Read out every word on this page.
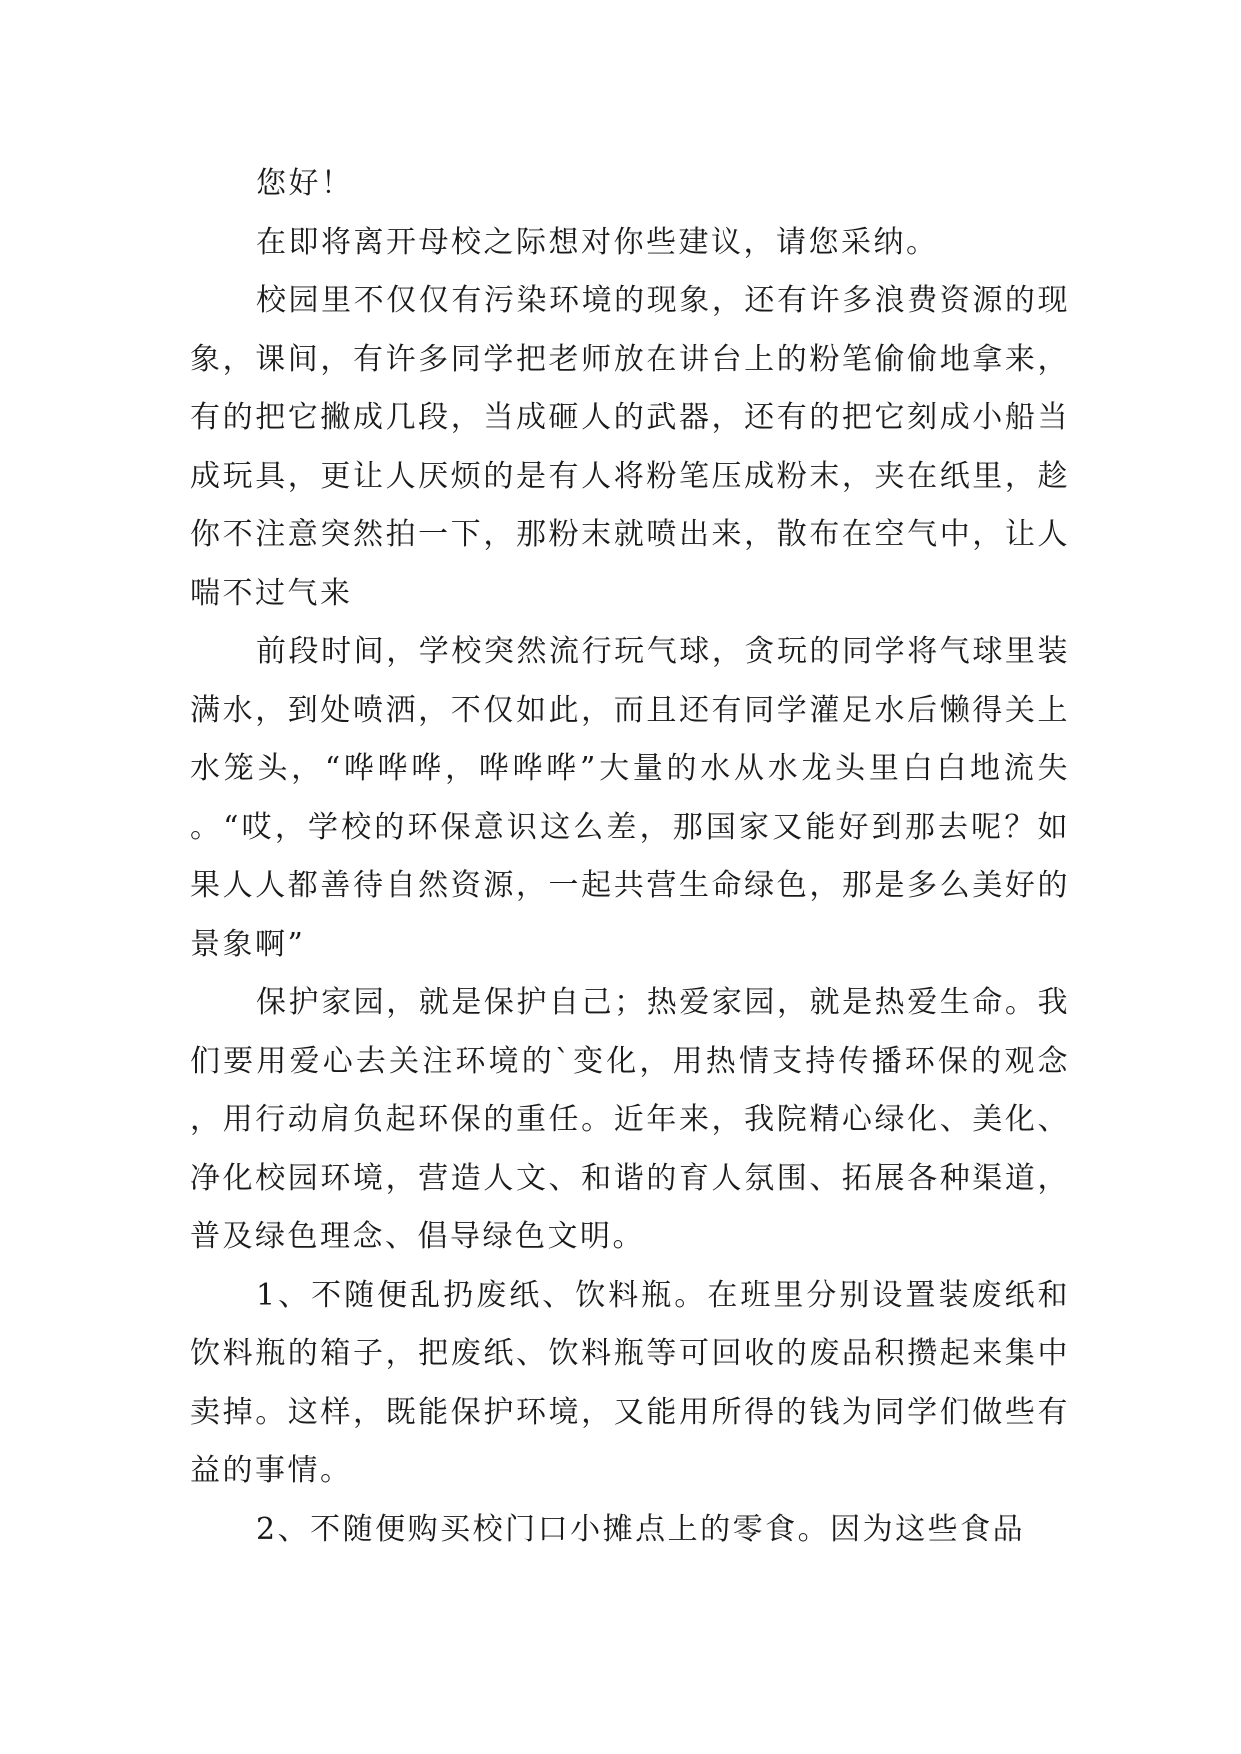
您好！

在即将离开母校之际想对你些建议，请您采纳。

校园里不仅仅有污染环境的现象，还有许多浪费资源的现象，课间，有许多同学把老师放在讲台上的粉笔偷偷地拿来，有的把它撇成几段，当成砸人的武器，还有的把它刻成小船当成玩具，更让人厌烦的是有人将粉笔压成粉末，夹在纸里，趁你不注意突然拍一下，那粉末就喷出来，散布在空气中，让人喘不过气来

前段时间，学校突然流行玩气球，贪玩的同学将气球里装满水，到处喷洒，不仅如此，而且还有同学灌足水后懒得关上水笼头，“哗哗哗，哗哗哗”大量的水从水龙头里白白地流失。“哎，学校的环保意识这么差，那国家又能好到那去呢？如果人人都善待自然资源，一起共营生命绿色，那是多么美好的景象啊”

保护家园，就是保护自己；热爱家园，就是热爱生命。我们要用爱心去关注环境的`变化，用热情支持传播环保的观念，用行动肩负起环保的重任。近年来，我院精心绿化、美化、净化校园环境，营造人文、和谐的育人氛围、拓展各种渠道，普及绿色理念、倡导绿色文明。

1、不随便乱扔废纸、饮料瓶。在班里分别设置装废纸和饮料瓶的箱子，把废纸、饮料瓶等可回收的废品积攒起来集中卖掉。这样，既能保护环境，又能用所得的钱为同学们做些有益的事情。

2、不随便购买校门口小摊点上的零食。因为这些食品
